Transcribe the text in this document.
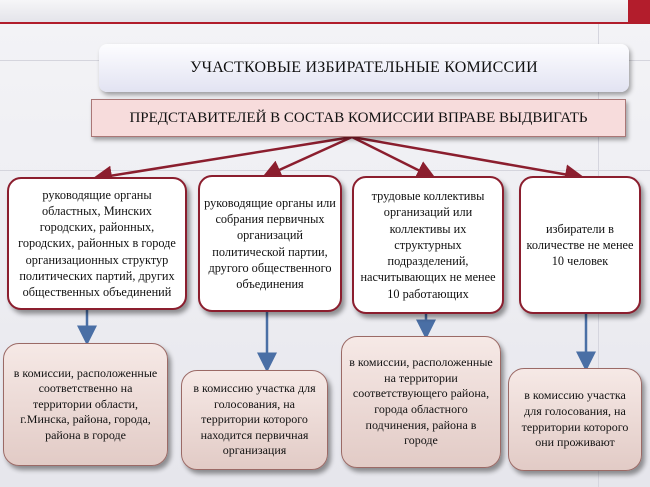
УЧАСТКОВЫЕ ИЗБИРАТЕЛЬНЫЕ КОМИССИИ
ПРЕДСТАВИТЕЛЕЙ В СОСТАВ КОМИССИИ ВПРАВЕ ВЫДВИГАТЬ
руководящие органы областных, Минских городских, районных, городских, районных в городе организационных структур политических партий, других общественных объединений
руководящие органы или собрания первичных организаций политической партии, другого общественного объединения
трудовые коллективы организаций или коллективы их структурных подразделений, насчитывающих не менее 10 работающих
избиратели в количестве не менее 10 человек
в комиссии, расположенные соответственно на территории области, г.Минска, района, города, района в городе
в комиссию участка для голосования, на территории которого находится первичная организация
в комиссии, расположенные на территории соответствующего района, города областного подчинения, района в городе
в комиссию участка для голосования, на территории которого они проживают
